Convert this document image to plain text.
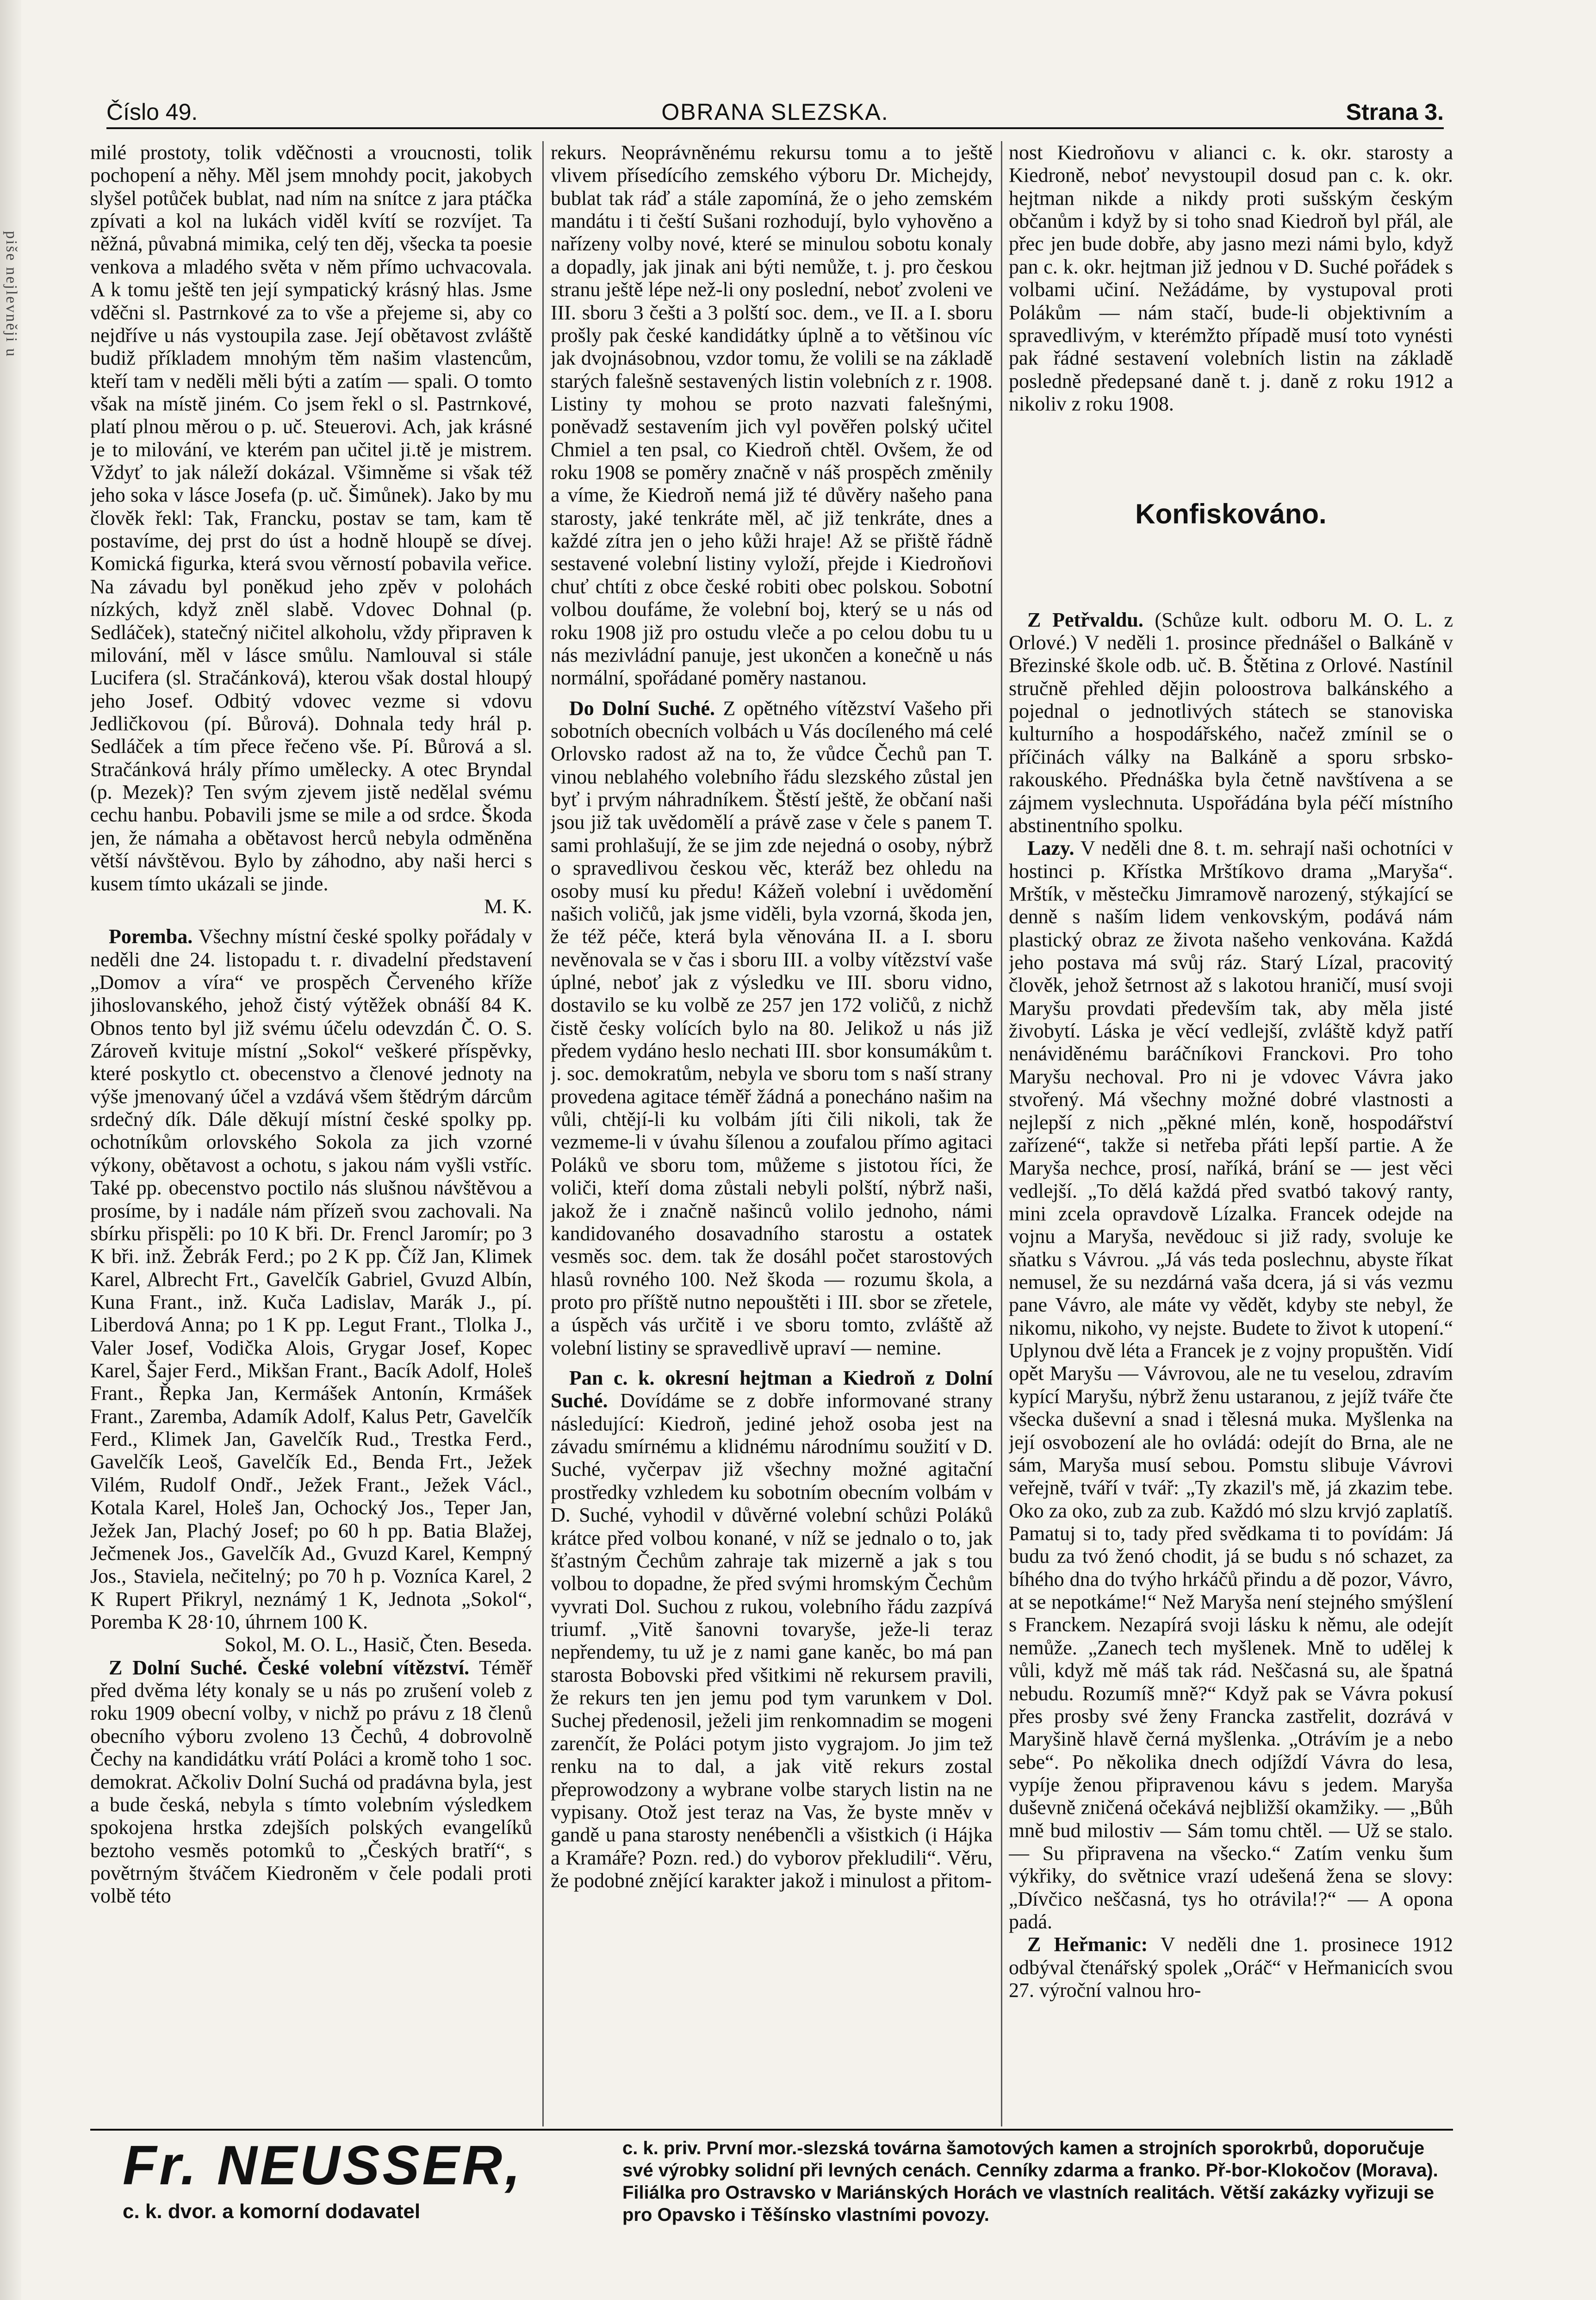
piše nejlevněji u
Číslo 49.	OBRANA SLEZSKA.	Strana 3.

milé prostoty, tolik vděčnosti a vroucnosti, tolik pochopení a něhy. Měl jsem mnohdy pocit, jakobych slyšel potůček bublat, nad ním na snítce z jara ptáčka zpívati a kol na lukách viděl kvítí se rozvíjet. Ta něžná, půvabná mimika, celý ten děj, všecka ta poesie venkova a mladého světa v něm přímo uchvacovala. A k tomu ještě ten její sympatický krásný hlas. Jsme vděčni sl. Pastrnkové za to vše a přejeme si, aby co nejdříve u nás vystoupila zase. Její obětavost zvláště budiž příkladem mnohým těm našim vlastencům, kteří tam v neděli měli býti a zatím — spali. O tomto však na místě jiném. Co jsem řekl o sl. Pastrnkové, platí plnou měrou o p. uč. Steuerovi. Ach, jak krásné je to milování, ve kterém pan učitel ji.tě je mistrem. Vždyť to jak náleží dokázal. Všimněme si však též jeho soka v lásce Josefa (p. uč. Šimůnek). Jako by mu člověk řekl: Tak, Francku, postav se tam, kam tě postavíme, dej prst do úst a hodně hloupě se dívej. Komická figurka, která svou věrností pobavila veřice. Na závadu byl poněkud jeho zpěv v polohách nízkých, když zněl slabě. Vdovec Dohnal (p. Sedláček), statečný ničitel alkoholu, vždy připraven k milování, měl v lásce smůlu. Namlouval si stále Lucifera (sl. Stračánková), kterou však dostal hloupý jeho Josef. Odbitý vdovec vezme si vdovu Jedličkovou (pí. Bůrová). Dohnala tedy hrál p. Sedláček a tím přece řečeno vše. Pí. Bůrová a sl. Stračánková hrály přímo umělecky. A otec Bryndal (p. Mezek)? Ten svým zjevem jistě nedělal svému cechu hanbu. Pobavili jsme se mile a od srdce. Škoda jen, že námaha a obětavost herců nebyla odměněna větší návštěvou. Bylo by záhodno, aby naši herci s kusem tímto ukázali se jinde.

M. K.

Poremba. Všechny místní české spolky pořádaly v neděli dne 24. listopadu t. r. divadelní představení „Domov a víra“ ve prospěch Červeného kříže jihoslovanského, jehož čistý výtěžek obnáší 84 K. Obnos tento byl již svému účelu odevzdán Č. O. S. Zároveň kvituje místní „Sokol“ veškeré příspěvky, které poskytlo ct. obecenstvo a členové jednoty na výše jmenovaný účel a vzdává všem štědrým dárcům srdečný dík. Dále děkují místní české spolky pp. ochotníkům orlovského Sokola za jich vzorné výkony, obětavost a ochotu, s jakou nám vyšli vstříc. Také pp. obecenstvo poctilo nás slušnou návštěvou a prosíme, by i nadále nám přízeň svou zachovali. Na sbírku přispěli: po 10 K bři. Dr. Frencl Jaromír; po 3 K bři. inž. Žebrák Ferd.; po 2 K pp. Číž Jan, Klimek Karel, Albrecht Frt., Gavelčík Gabriel, Gvuzd Albín, Kuna Frant., inž. Kuča Ladislav, Marák J., pí. Liberdová Anna; po 1 K pp. Legut Frant., Tlolka J., Valer Josef, Vodička Alois, Grygar Josef, Kopec Karel, Šajer Ferd., Mikšan Frant., Bacík Adolf, Holeš Frant., Řepka Jan, Kermášek Antonín, Krmášek Frant., Zaremba, Adamík Adolf, Kalus Petr, Gavelčík Ferd., Klimek Jan, Gavelčík Rud., Trestka Ferd., Gavelčík Leoš, Gavelčík Ed., Benda Frt., Ježek Vilém, Rudolf Ondř., Ježek Frant., Ježek Václ., Kotala Karel, Holeš Jan, Ochocký Jos., Teper Jan, Ježek Jan, Plachý Josef; po 60 h pp. Batia Blažej, Ječmenek Jos., Gavelčík Ad., Gvuzd Karel, Kempný Jos., Staviela, nečitelný; po 70 h p. Vozníca Karel, 2 K Rupert Přikryl, neznámý 1 K, Jednota „Sokol“, Poremba K 28·10, úhrnem 100 K.

Sokol, M. O. L., Hasič, Čten. Beseda.

Z Dolní Suché. České volební vítězství. Téměř před dvěma léty konaly se u nás po zrušení voleb z roku 1909 obecní volby, v nichž po právu z 18 členů obecního výboru zvoleno 13 Čechů, 4 dobrovolně Čechy na kandidátku vrátí Poláci a kromě toho 1 soc. demokrat. Ačkoliv Dolní Suchá od pradávna byla, jest a bude česká, nebyla s tímto volebním výsledkem spokojena hrstka zdejších polských evangelíků beztoho vesměs potomků to „Českých bratří“, s povětrným štváčem Kiedroněm v čele podali proti volbě této

rekurs. Neoprávněnému rekursu tomu a to ještě vlivem přísedícího zemského výboru Dr. Michejdy, bublat tak ráď a stále zapomíná, že o jeho zemském mandátu i ti čeští Sušani rozhodují, bylo vyhověno a nařízeny volby nové, které se minulou sobotu konaly a dopadly, jak jinak ani býti nemůže, t. j. pro českou stranu ještě lépe než-li ony poslední, neboť zvoleni ve III. sboru 3 češti a 3 polští soc. dem., ve II. a I. sboru prošly pak české kandidátky úplně a to většinou víc jak dvojnásobnou, vzdor tomu, že volili se na základě starých falešně sestavených listin volebních z r. 1908. Listiny ty mohou se proto nazvati falešnými, poněvadž sestavením jich vyl pověřen polský učitel Chmiel a ten psal, co Kiedroň chtěl. Ovšem, že od roku 1908 se poměry značně v náš prospěch změnily a víme, že Kiedroň nemá již té důvěry našeho pana starosty, jaké tenkráte měl, ač již tenkráte, dnes a každé zítra jen o jeho kůži hraje! Až se přiště řádně sestavené volební listiny vyloží, přejde i Kiedroňovi chuť chtíti z obce české robiti obec polskou. Sobotní volbou doufáme, že volební boj, který se u nás od roku 1908 již pro ostudu vleče a po celou dobu tu u nás mezivládní panuje, jest ukončen a konečně u nás normální, spořádané poměry nastanou.

Do Dolní Suché. Z opětného vítězství Vašeho při sobotních obecních volbách u Vás docíleného má celé Orlovsko radost až na to, že vůdce Čechů pan T. vinou neblahého volebního řádu slezského zůstal jen byť i prvým náhradníkem. Štěstí ještě, že občaní naši jsou již tak uvědomělí a právě zase v čele s panem T. sami prohlašují, že se jim zde nejedná o osoby, nýbrž o spravedlivou českou věc, kteráž bez ohledu na osoby musí ku předu! Kážeň volební i uvědomění našich voličů, jak jsme viděli, byla vzorná, škoda jen, že též péče, která byla věnována II. a I. sboru nevěnovala se v čas i sboru III. a volby vítězství vaše úplné, neboť jak z výsledku ve III. sboru vidno, dostavilo se ku volbě ze 257 jen 172 voličů, z nichž čistě česky volících bylo na 80. Jelikož u nás již předem vydáno heslo nechati III. sbor konsumákům t. j. soc. demokratům, nebyla ve sboru tom s naší strany provedena agitace téměř žádná a ponecháno našim na vůli, chtějí-li ku volbám jíti čili nikoli, tak že vezmeme-li v úvahu šílenou a zoufalou přímo agitaci Poláků ve sboru tom, můžeme s jistotou říci, že voliči, kteří doma zůstali nebyli polští, nýbrž naši, jakož že i značně našinců volilo jednoho, námi kandidovaného dosavadního starostu a ostatek vesměs soc. dem. tak že dosáhl počet starostových hlasů rovného 100. Než škoda — rozumu škola, a proto pro příště nutno nepouštěti i III. sbor se zřetele, a úspěch vás určitě i ve sboru tomto, zvláště až volební listiny se spravedlivě upraví — nemine.

Pan c. k. okresní hejtman a Kiedroň z Dolní Suché. Dovídáme se z dobře informované strany následující: Kiedroň, jediné jehož osoba jest na závadu smírnému a klidnému národnímu soužití v D. Suché, vyčerpav již všechny možné agitační prostředky vzhledem ku sobotním obecním volbám v D. Suché, vyhodil v důvěrné volební schůzi Poláků krátce před volbou konané, v níž se jednalo o to, jak šťastným Čechům zahraje tak mizerně a jak s tou volbou to dopadne, že před svými hromským Čechům vyvrati Dol. Suchou z rukou, volebního řádu zazpívá triumf. „Vitě šanovni tovaryše, ježe-li teraz nepřendemy, tu už je z nami gane kaněc, bo má pan starosta Bobovski před všitkimi ně rekursem pravili, že rekurs ten jen jemu pod tym varunkem v Dol. Suchej předenosil, ježeli jim renkomnadim se mogeni zarenčít, že Poláci potym jisto vygrajom. Jo jim tež renku na to dal, a jak vitě rekurs zostal přeprowodzony a wybrane volbe starych listin na ne vypisany. Otož jest teraz na Vas, že byste mněv v gandě u pana starosty nenébenčli a všistkich (i Hájka a Kramáře? Pozn. red.) do vyborov překludili“. Věru, že podobné znějící karakter jakož i minulost a přitom-

nost Kiedroňovu v alianci c. k. okr. starosty a Kiedroně, neboť nevystoupil dosud pan c. k. okr. hejtman nikde a nikdy proti sušským českým občanům i když by si toho snad Kiedroň byl přál, ale přec jen bude dobře, aby jasno mezi námi bylo, když pan c. k. okr. hejtman již jednou v D. Suché pořádek s volbami učiní. Nežádáme, by vystupoval proti Polákům — nám stačí, bude-li objektivním a spravedlivým, v kterémžto případě musí toto vynésti pak řádné sestavení volebních listin na základě posledně předepsané daně t. j. daně z roku 1912 a nikoliv z roku 1908.

Konfiskováno.

Z Petřvaldu. (Schůze kult. odboru M. O. L. z Orlové.) V neděli 1. prosince přednášel o Balkáně v Březinské škole odb. uč. B. Štětina z Orlové. Nastínil stručně přehled dějin poloostrova balkánského a pojednal o jednotlivých státech se stanoviska kulturního a hospodářského, načež zmínil se o příčinách války na Balkáně a sporu srbsko-rakouského. Přednáška byla četně navštívena a se zájmem vyslechnuta. Uspořádána byla péčí místního abstinentního spolku.

Lazy. V neděli dne 8. t. m. sehrají naši ochotníci v hostinci p. Křístka Mrštíkovo drama „Maryša“. Mrštík, v městečku Jimramově narozený, stýkající se denně s naším lidem venkovským, podává nám plastický obraz ze života našeho venkována. Každá jeho postava má svůj ráz. Starý Lízal, pracovitý člověk, jehož šetrnost až s lakotou hraničí, musí svoji Maryšu provdati především tak, aby měla jisté živobytí. Láska je věcí vedlejší, zvláště když patří nenáviděnému baráčníkovi Franckovi. Pro toho Maryšu nechoval. Pro ni je vdovec Vávra jako stvořený. Má všechny možné dobré vlastnosti a nejlepší z nich „pěkné mlén, koně, hospodářství zařízené“, takže si netřeba přáti lepší partie. A že Maryša nechce, prosí, naříká, brání se — jest věci vedlejší. „To dělá každá před svatbó takový ranty, mini zcela opravdově Lízalka. Francek odejde na vojnu a Maryša, nevědouc si již rady, svoluje ke sňatku s Vávrou. „Já vás teda poslechnu, abyste říkat nemusel, že su nezdárná vaša dcera, já si vás vezmu pane Vávro, ale máte vy vědět, kdyby ste nebyl, že nikomu, nikoho, vy nejste. Budete to život k utopení.“ Uplynou dvě léta a Francek je z vojny propuštěn. Vidí opět Maryšu — Vávrovou, ale ne tu veselou, zdravím kypící Maryšu, nýbrž ženu ustaranou, z jejíž tváře čte všecka duševní a snad i tělesná muka. Myšlenka na její osvobození ale ho ovládá: odejít do Brna, ale ne sám, Maryša musí sebou. Pomstu slibuje Vávrovi veřejně, tváří v tvář: „Ty zkazil's mě, já zkazim tebe. Oko za oko, zub za zub. Každó mó slzu krvjó zaplatíš. Pamatuj si to, tady před svědkama ti to povídám: Já budu za tvó ženó chodit, já se budu s nó schazet, za bíhého dna do tvýho hrkáčů přindu a dě pozor, Vávro, at se nepotkáme!“ Než Maryša není stejného smýšlení s Franckem. Nezapírá svoji lásku k němu, ale odejít nemůže. „Zanech tech myšlenek. Mně to udělej k vůli, když mě máš tak rád. Neščasná su, ale špatná nebudu. Rozumíš mně?“ Když pak se Vávra pokusí přes prosby své ženy Francka zastřelit, dozrává v Maryšině hlavě černá myšlenka. „Otrávím je a nebo sebe“. Po několika dnech odjíždí Vávra do lesa, vypíje ženou připravenou kávu s jedem. Maryša duševně zničená očekává nejbližší okamžiky. — „Bůh mně bud milostiv — Sám tomu chtěl. — Už se stalo. — Su připravena na všecko.“ Zatím venku šum výkřiky, do světnice vrazí udešená žena se slovy: „Dívčico neščasná, tys ho otrávila!?“ — A opona padá.

Z Heřmanic: V neděli dne 1. prosinece 1912 odbýval čtenářský spolek „Oráč“ v Heřmanicích svou 27. výroční valnou hro-

Fr. NEUSSER,
c. k. dvor. a komorní dodavatel
c. k. priv. První mor.-slezská továrna šamotových kamen a strojních sporokrbů, doporučuje své výrobky solidní při levných cenách. Cenníky zdarma a franko. Př-bor-Klokočov (Morava). Filiálka pro Ostravsko v Mariánských Horách ve vlastních realitách. Větší zakázky vyřizuji se pro Opavsko i Těšínsko vlastními povozy.
